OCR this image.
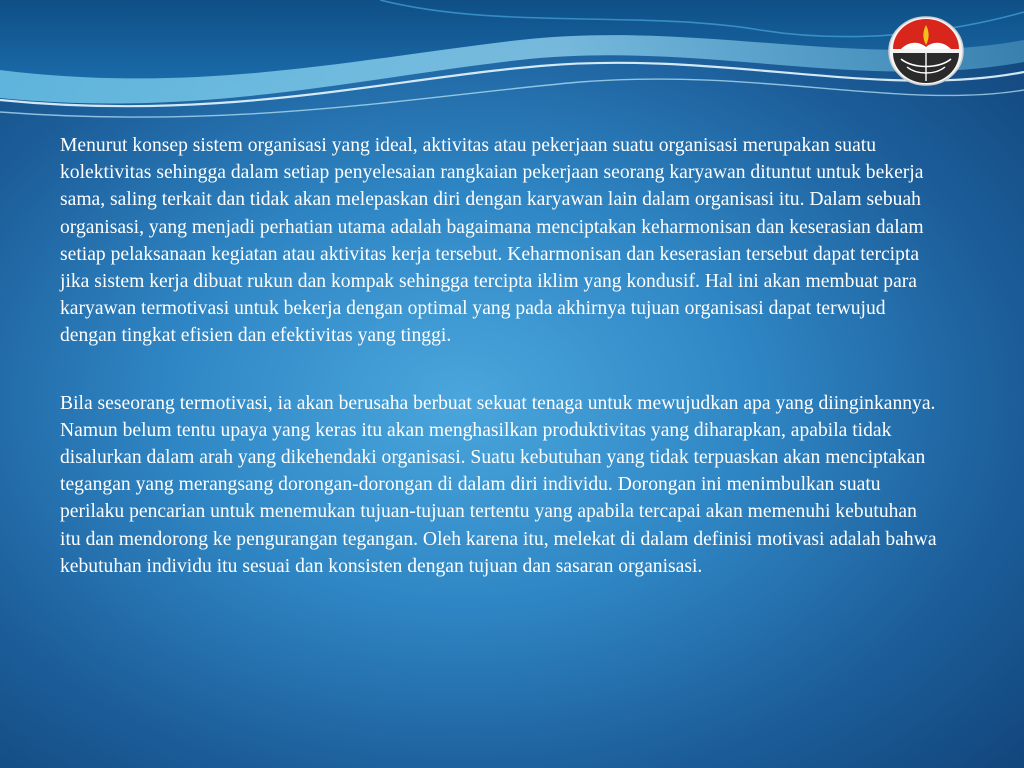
Menurut konsep sistem organisasi yang ideal, aktivitas atau pekerjaan suatu organisasi merupakan suatu kolektivitas sehingga dalam setiap penyelesaian rangkaian pekerjaan seorang karyawan dituntut untuk bekerja sama, saling terkait dan tidak akan melepaskan diri dengan karyawan lain dalam organisasi itu. Dalam sebuah organisasi, yang menjadi perhatian utama adalah bagaimana menciptakan keharmonisan dan keserasian dalam setiap pelaksanaan kegiatan atau aktivitas kerja tersebut. Keharmonisan dan keserasian tersebut dapat tercipta jika sistem kerja dibuat rukun dan kompak sehingga tercipta iklim yang kondusif. Hal ini akan membuat para karyawan termotivasi untuk bekerja dengan optimal yang pada akhirnya tujuan organisasi dapat terwujud dengan tingkat efisien dan efektivitas yang tinggi.

Bila seseorang termotivasi, ia akan berusaha berbuat sekuat tenaga untuk mewujudkan apa yang diinginkannya. Namun belum tentu upaya yang keras itu akan menghasilkan produktivitas yang diharapkan, apabila tidak disalurkan dalam arah yang dikehendaki organisasi. Suatu kebutuhan yang tidak terpuaskan akan menciptakan tegangan yang merangsang dorongan-dorongan di dalam diri individu. Dorongan ini menimbulkan suatu perilaku pencarian untuk menemukan tujuan-tujuan tertentu yang apabila tercapai akan memenuhi kebutuhan itu dan mendorong ke pengurangan tegangan. Oleh karena itu, melekat di dalam definisi motivasi adalah bahwa kebutuhan individu itu sesuai dan konsisten dengan tujuan dan sasaran organisasi.
